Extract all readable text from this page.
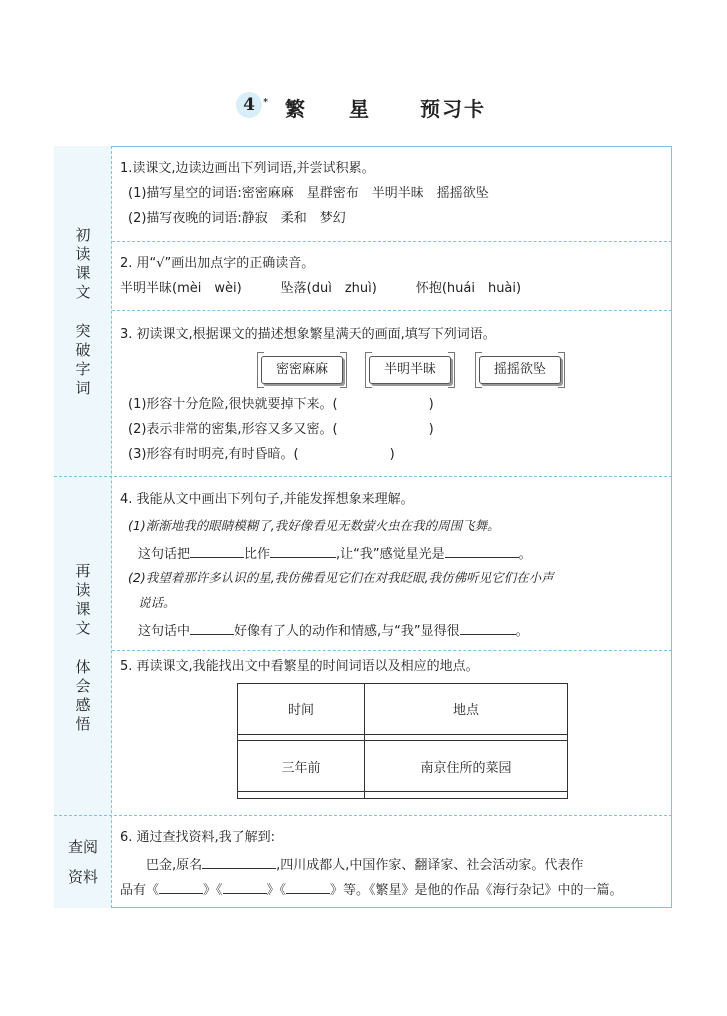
4 * 繁星 预习卡
初读课文
突破字词
再读课文
体会感悟
查阅
资料
1.读课文,边读边画出下列词语,并尝试积累。
(1)描写星空的词语:密密麻麻　星群密布　半明半昧　摇摇欲坠
(2)描写夜晚的词语:静寂　柔和　梦幻
2. 用“√”画出加点字的正确读音。
半明半昧(mèi　wèi)　　　坠落(duì　zhuì)　　　怀抱(huái　huài)
3. 初读课文,根据课文的描述想象繁星满天的画面,填写下列词语。
密密麻麻	半明半昧	摇摇欲坠
(1)形容十分危险,很快就要掉下来。(　　　　　　　)
(2)表示非常的密集,形容又多又密。(　　　　　　　)
(3)形容有时明亮,有时昏暗。(　　　　　　　)
4. 我能从文中画出下列句子,并能发挥想象来理解。
(1)渐渐地我的眼睛模糊了,我好像看见无数萤火虫在我的周围飞舞。
这句话把	比作	,让“我”感觉星光是	。
(2)我望着那许多认识的星,我仿佛看见它们在对我眨眼,我仿佛听见它们在小声
说话。
这句话中	好像有了人的动作和情感,与“我”显得很	。
5. 再读课文,我能找出文中看繁星的时间词语以及相应的地点。
时间	地点

三年前	南京住所的菜园

6. 通过查找资料,我了解到:
巴金,原名	,四川成都人,中国作家、翻译家、社会活动家。代表作
品有《	》《	》《	》等。《繁星》是他的作品《海行杂记》中的一篇。
